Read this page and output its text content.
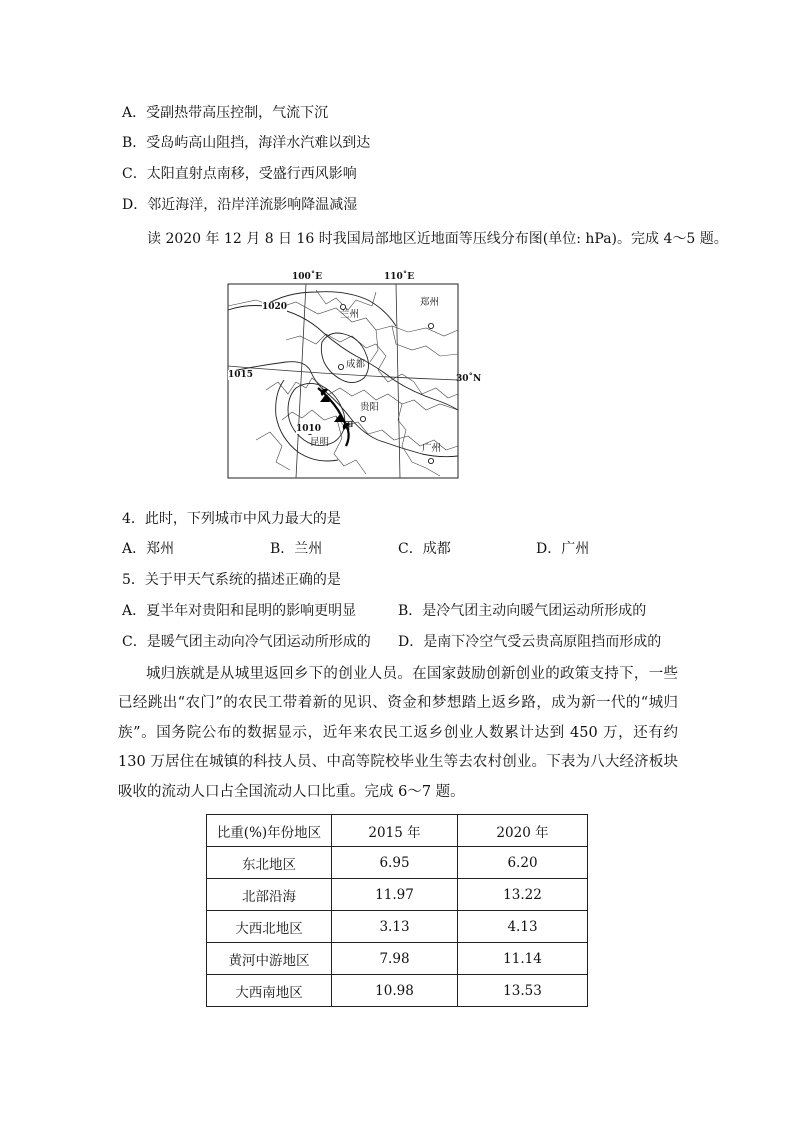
A．受副热带高压控制，气流下沉
B．受岛屿高山阻挡，海洋水汽难以到达
C．太阳直射点南移，受盛行西风影响
D．邻近海洋，沿岸洋流影响降温减湿
读 2020 年 12 月 8 日 16 时我国局部地区近地面等压线分布图(单位: hPa)。完成 4～5 题。
100˚E	110˚E
30˚N
1020
1015
1010
兰州
郑州
成都
贵阳
昆明
广州
甲
4．此时，下列城市中风力最大的是
A．郑州	B．兰州	C．成都	D．广州
5．关于甲天气系统的描述正确的是
A．夏半年对贵阳和昆明的影响更明显	B．是冷气团主动向暖气团运动所形成的
C．是暖气团主动向冷气团运动所形成的 D．是南下冷空气受云贵高原阻挡而形成的
城归族就是从城里返回乡下的创业人员。在国家鼓励创新创业的政策支持下，一些已经跳出“农门”的农民工带着新的见识、资金和梦想踏上返乡路，成为新一代的“城归族”。国务院公布的数据显示，近年来农民工返乡创业人数累计达到 450 万，还有约 130 万居住在城镇的科技人员、中高等院校毕业生等去农村创业。下表为八大经济板块吸收的流动人口占全国流动人口比重。完成 6～7 题。
比重(%)年份地区	2015 年	2020 年
东北地区	6.95	6.20
北部沿海	11.97	13.22
大西北地区	3.13	4.13
黄河中游地区	7.98	11.14
大西南地区	10.98	13.53
